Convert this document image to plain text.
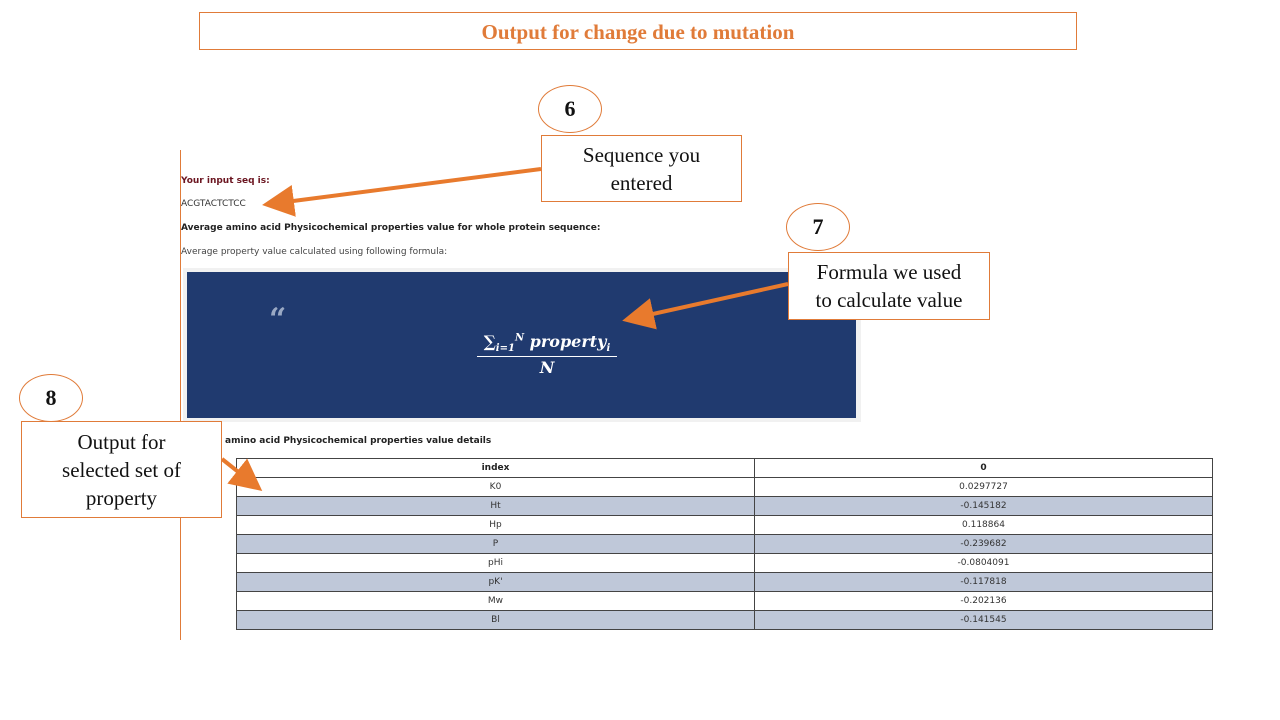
Output for change due to mutation
Your input seq is:
ACGTACTCTCC
Average amino acid Physicochemical properties value for whole protein sequence:
Average property value calculated using following formula:
“
$\sum_{i=1}^N$ property$_i$
N
amino acid Physicochemical properties value details
index	0
K0	0.0297727
Ht	-0.145182
Hp	0.118864
P	-0.239682
pHi	-0.0804091
pK'	-0.117818
Mw	-0.202136
Bl	-0.141545
6
Sequence you
entered
7
Formula we used
to calculate value
8
Output for
selected set of
property
